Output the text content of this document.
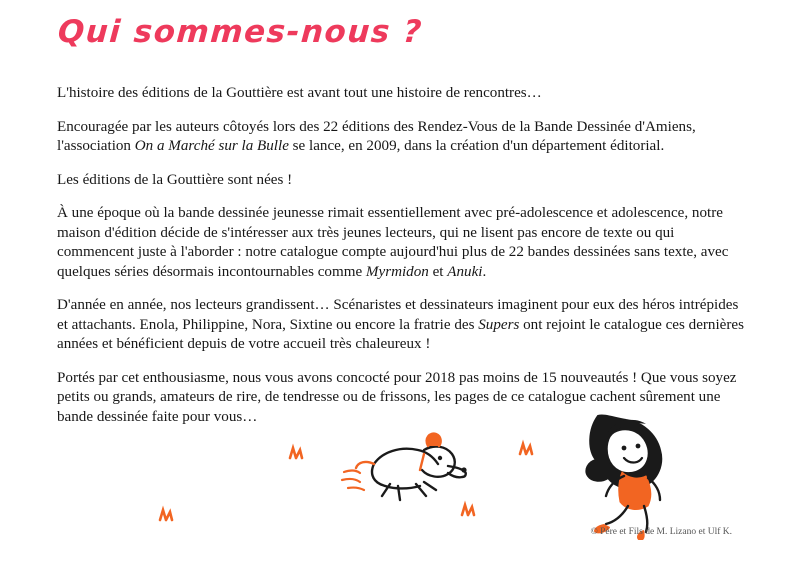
Qui sommes-nous ?

L'histoire des éditions de la Gouttière est avant tout une histoire de rencontres…

Encouragée par les auteurs côtoyés lors des 22 éditions des Rendez-Vous de la Bande Dessinée d'Amiens, l'association On a Marché sur la Bulle se lance, en 2009, dans la création d'un département éditorial.

Les éditions de la Gouttière sont nées !

À une époque où la bande dessinée jeunesse rimait essentiellement avec pré-adolescence et adolescence, notre maison d'édition décide de s'intéresser aux très jeunes lecteurs, qui ne lisent pas encore de texte ou qui commencent juste à l'aborder : notre catalogue compte aujourd'hui plus de 22 bandes dessinées sans texte, avec quelques séries désormais incontournables comme Myrmidon et Anuki.

D'année en année, nos lecteurs grandissent… Scénaristes et dessinateurs imaginent pour eux des héros intrépides et attachants. Enola, Philippine, Nora, Sixtine ou encore la fratrie des Supers ont rejoint le catalogue ces dernières années et bénéficient depuis de votre accueil très chaleureux !

Portés par cet enthousiasme, nous vous avons concocté pour 2018 pas moins de 15 nouveautés ! Que vous soyez petits ou grands, amateurs de rire, de tendresse ou de frissons, les pages de ce catalogue cachent sûrement une bande dessinée faite pour vous…

© Père et Fils de M. Lizano et Ulf K.
